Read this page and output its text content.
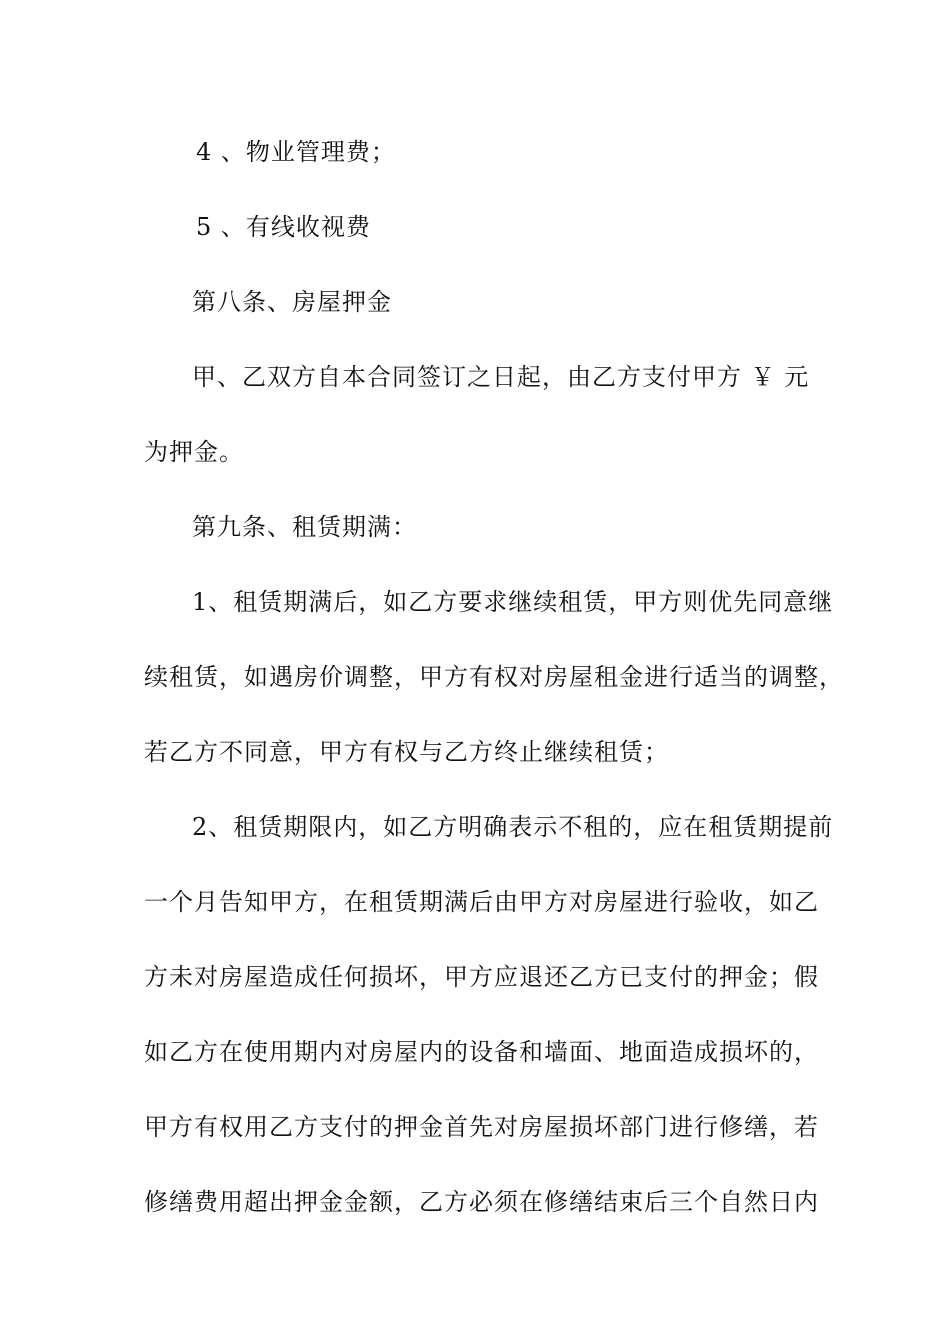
4 、物业管理费；
5 、有线收视费
第八条、房屋押金
甲、乙双方自本合同签订之日起，由乙方支付甲方 ￥ 元
为押金。
第九条、租赁期满：
1、租赁期满后，如乙方要求继续租赁，甲方则优先同意继
续租赁，如遇房价调整，甲方有权对房屋租金进行适当的调整，
若乙方不同意，甲方有权与乙方终止继续租赁；
2、租赁期限内，如乙方明确表示不租的，应在租赁期提前
一个月告知甲方，在租赁期满后由甲方对房屋进行验收，如乙
方未对房屋造成任何损坏，甲方应退还乙方已支付的押金；假
如乙方在使用期内对房屋内的设备和墙面、地面造成损坏的，
甲方有权用乙方支付的押金首先对房屋损坏部门进行修缮，若
修缮费用超出押金金额，乙方必须在修缮结束后三个自然日内
